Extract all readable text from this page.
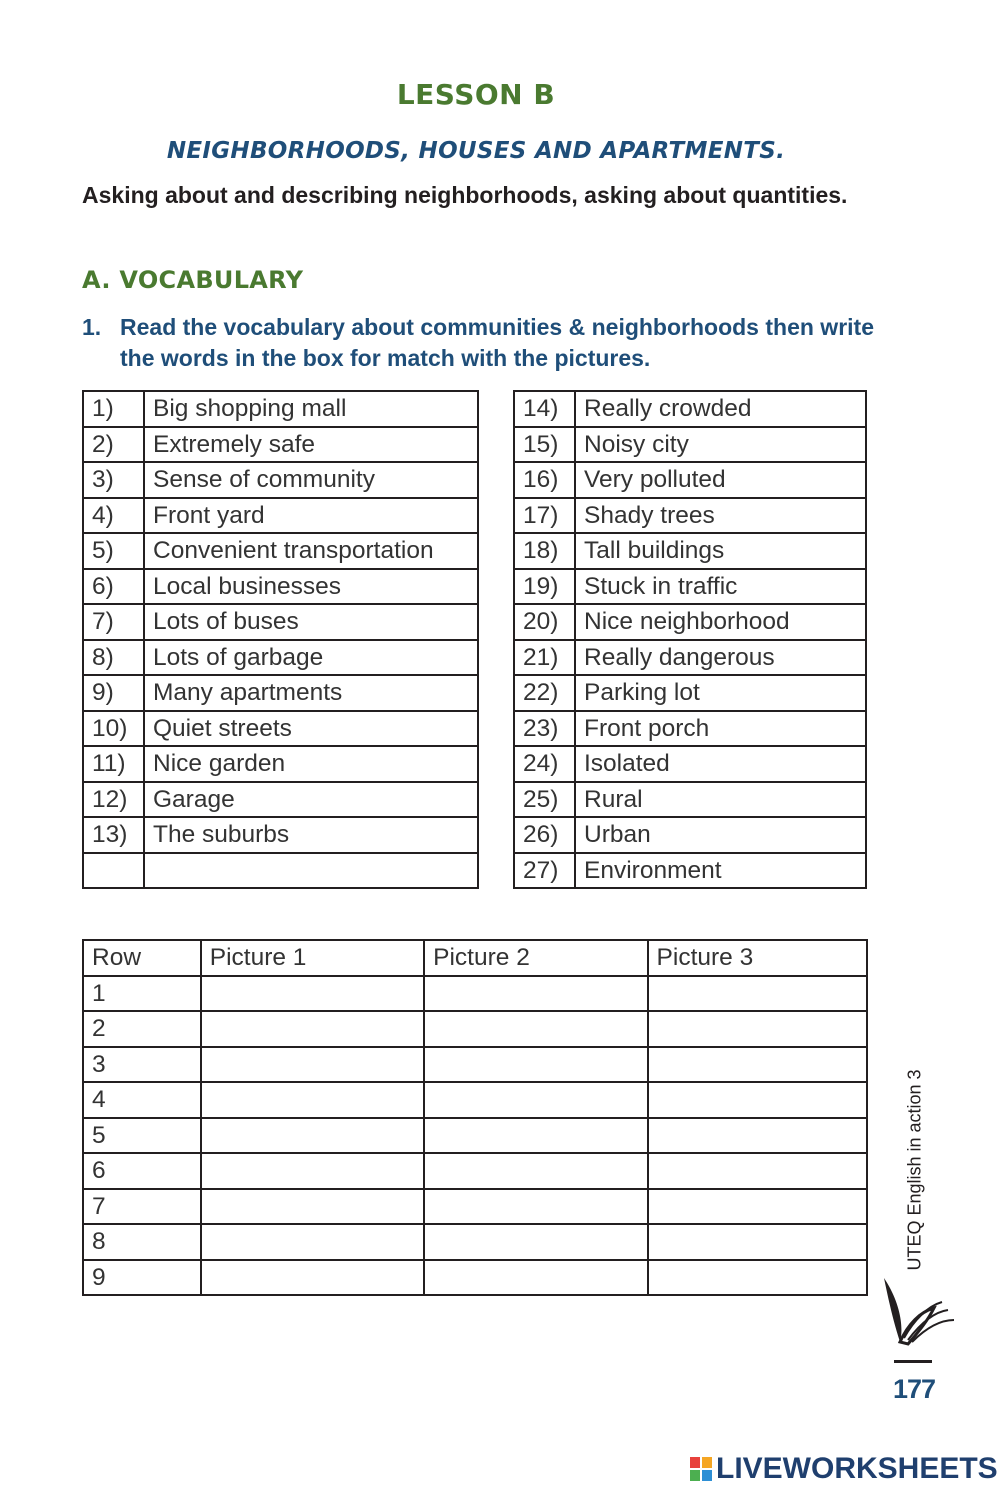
LESSON B
NEIGHBORHOODS, HOUSES AND APARTMENTS.
Asking about and describing neighborhoods, asking about quantities.
A. VOCABULARY
1. Read the vocabulary about communities & neighborhoods then write the words in the box for match with the pictures.
1)	Big shopping mall
2)	Extremely safe
3)	Sense of community
4)	Front yard
5)	Convenient transportation
6)	Local businesses
7)	Lots of buses
8)	Lots of garbage
9)	Many apartments
10)	Quiet streets
11)	Nice garden
12)	Garage
13)	The suburbs

14)	Really crowded
15)	Noisy city
16)	Very polluted
17)	Shady trees
18)	Tall buildings
19)	Stuck in traffic
20)	Nice neighborhood
21)	Really dangerous
22)	Parking lot
23)	Front porch
24)	Isolated
25)	Rural
26)	Urban
27)	Environment
Row	Picture 1	Picture 2	Picture 3
1			
2			
3			
4			
5			
6			
7			
8			
9			
UTEQ English in action 3
177
LIVEWORKSHEETS
